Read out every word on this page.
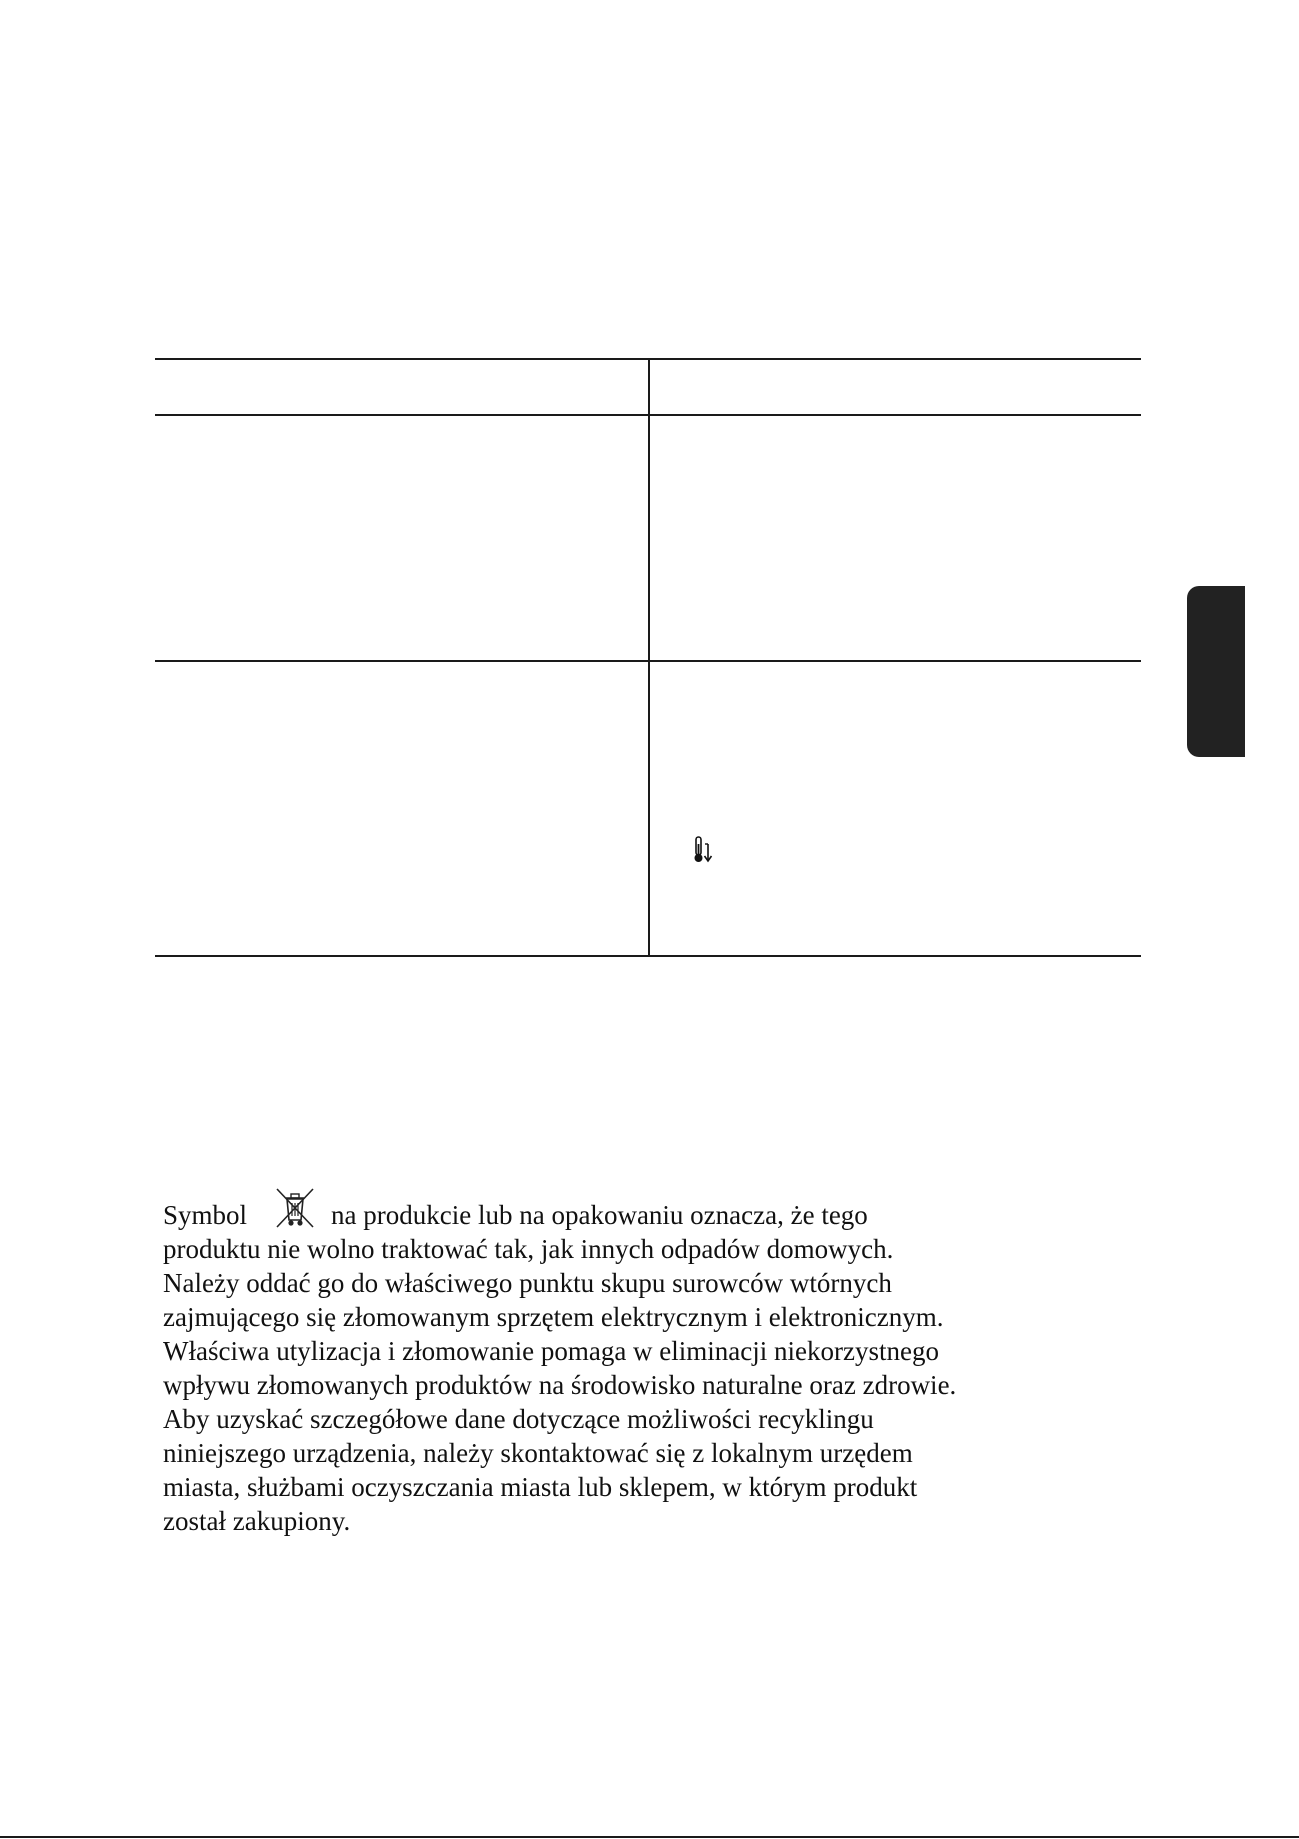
Symbol	na produkcie lub na opakowaniu oznacza, że tego

produktu nie wolno traktować tak, jak innych odpadów domowych. Należy oddać go do właściwego punktu skupu surowców wtórnych zajmującego się złomowanym sprzętem elektrycznym i elektronicznym.

Właściwa utylizacja i złomowanie pomaga w eliminacji niekorzystnego wpływu złomowanych produktów na środowisko naturalne oraz zdrowie.

Aby uzyskać szczegółowe dane dotyczące możliwości recyklingu niniejszego urządzenia, należy skontaktować się z lokalnym urzędem miasta, służbami oczyszczania miasta lub sklepem, w którym produkt został zakupiony.
